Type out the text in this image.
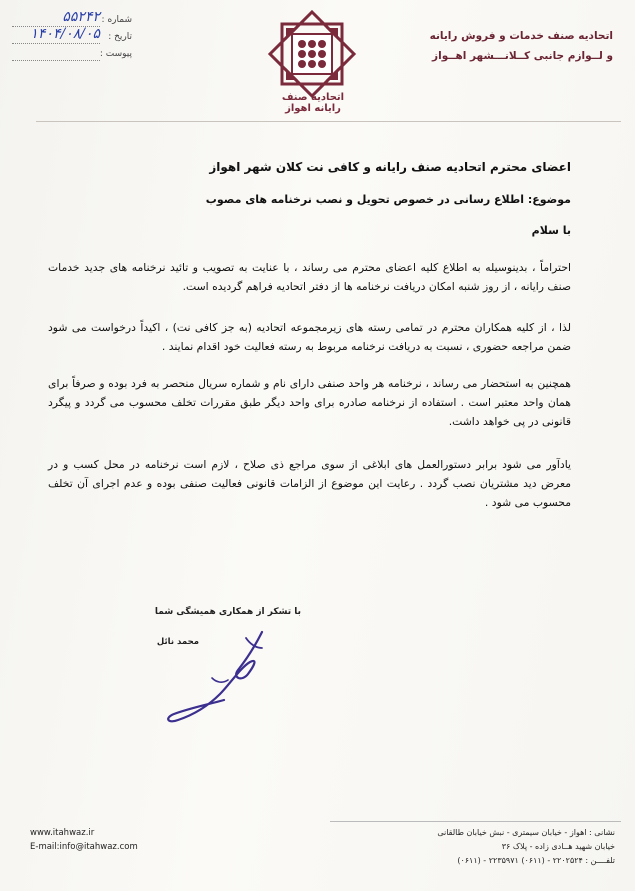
شماره :
۵۵۲۴۲
تاریخ :
۱۴۰۴/۰۸/۰۵
پیوست :
اتحادیه صنف رایانه اهواز
اتحادیه صنف خدمات و فروش رایانه
و لــوازم جانبی کــلانـــشهر اهــواز
اعضای محترم اتحادیه صنف رایانه و کافی نت کلان شهر اهواز
موضوع: اطلاع رسانی در خصوص تحویل و نصب نرخنامه های مصوب
با سلام
احتراماً ، بدینوسیله به اطلاع کلیه اعضای محترم می رساند ، با عنایت به تصویب و تائید نرخنامه های جدید خدمات صنف رایانه ، از روز شنبه امکان دریافت نرخنامه ها از دفتر اتحادیه فراهم گردیده است.
لذا ، از کلیه همکاران محترم در تمامی رسته های زیرمجموعه اتحادیه (به جز کافی نت) ، اکیداً درخواست می شود ضمن مراجعه حضوری ، نسبت به دریافت نرخنامه مربوط به رسته فعالیت خود اقدام نمایند .
همچنین به استحضار می رساند ، نرخنامه هر واحد صنفی دارای نام و شماره سریال منحصر به فرد بوده و صرفاً برای همان واحد معتبر است . استفاده از نرخنامه صادره برای واحد دیگر طبق مقررات تخلف محسوب می گردد و پیگرد قانونی در پی خواهد داشت.
یادآور می شود برابر دستورالعمل های ابلاغی از سوی مراجع ذی صلاح ، لازم است نرخنامه در محل کسب و در معرض دید مشتریان نصب گردد . رعایت این موضوع از الزامات قانونی فعالیت صنفی بوده و عدم اجرای آن تخلف محسوب می شود .
با تشکر از همکاری همیشگی شما
محمد نائل
www.itahwaz.ir
E-mail:info@itahwaz.com
نشانی : اهواز - خیابان سیمتری - نبش خیابان طالقانی
خیابان شهید هــادی زاده - پلاک ۳۶
تلفــــن : ۲۲۰۲۵۲۴ - (۰۶۱۱) ۲۲۳۵۹۷۱ - (۰۶۱۱)
